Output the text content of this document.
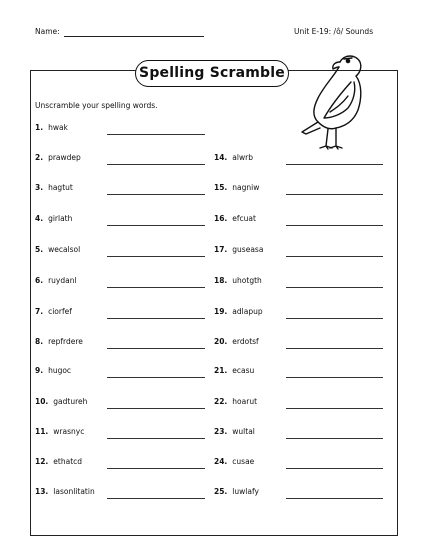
Name:	Unit E-19: /ô/ Sounds
Spelling Scramble
Unscramble your spelling words.
1. hwak
2. prawdep
3. hagtut
4. girlath
5. wecalsol
6. ruydanl
7. ciorfef
8. repfrdere
9. hugoc
10. gadtureh
11. wrasnyc
12. ethatcd
13. lasonlitatin
14. alwrb
15. nagniw
16. efcuat
17. guseasa
18. uhotgth
19. adlapup
20. erdotsf
21. ecasu
22. hoarut
23. wultal
24. cusae
25. luwlafy
